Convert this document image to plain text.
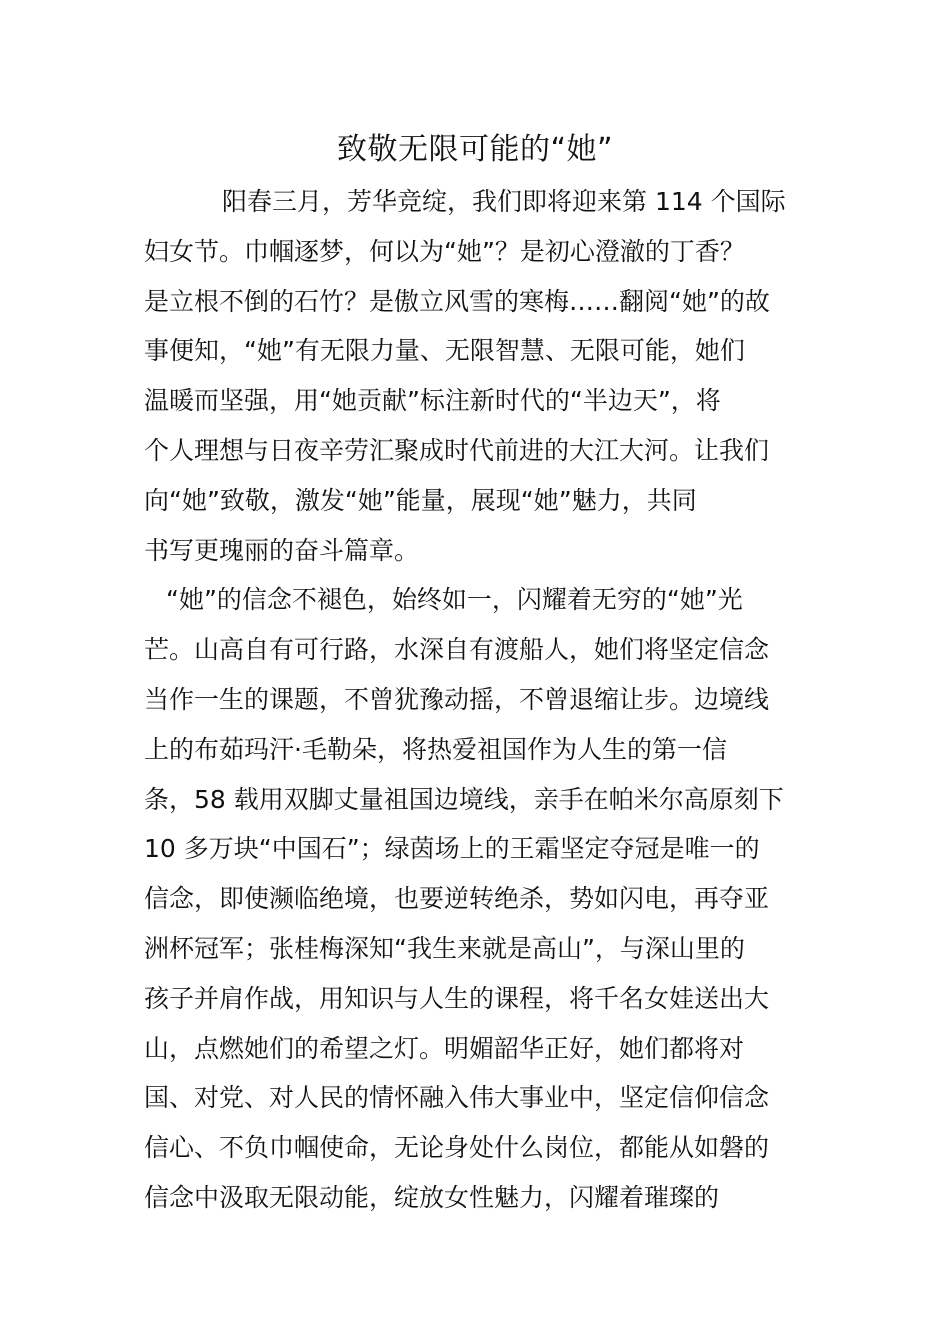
致敬无限可能的“她”
阳春三月，芳华竞绽，我们即将迎来第 114 个国际
妇女节。巾帼逐梦，何以为“她”？是初心澄澈的丁香？
是立根不倒的石竹？是傲立风雪的寒梅……翻阅“她”的故
事便知，“她”有无限力量、无限智慧、无限可能，她们
温暖而坚强，用“她贡献”标注新时代的“半边天”，将
个人理想与日夜辛劳汇聚成时代前进的大江大河。让我们
向“她”致敬，激发“她”能量，展现“她”魅力，共同
书写更瑰丽的奋斗篇章。
“她”的信念不褪色，始终如一，闪耀着无穷的“她”光
芒。山高自有可行路，水深自有渡船人，她们将坚定信念
当作一生的课题，不曾犹豫动摇，不曾退缩让步。边境线
上的布茹玛汗·毛勒朵，将热爱祖国作为人生的第一信
条，58 载用双脚丈量祖国边境线，亲手在帕米尔高原刻下
10 多万块“中国石”；绿茵场上的王霜坚定夺冠是唯一的
信念，即使濒临绝境，也要逆转绝杀，势如闪电，再夺亚
洲杯冠军；张桂梅深知“我生来就是高山”，与深山里的
孩子并肩作战，用知识与人生的课程，将千名女娃送出大
山，点燃她们的希望之灯。明媚韶华正好，她们都将对
国、对党、对人民的情怀融入伟大事业中，坚定信仰信念
信心、不负巾帼使命，无论身处什么岗位，都能从如磐的
信念中汲取无限动能，绽放女性魅力，闪耀着璀璨的
